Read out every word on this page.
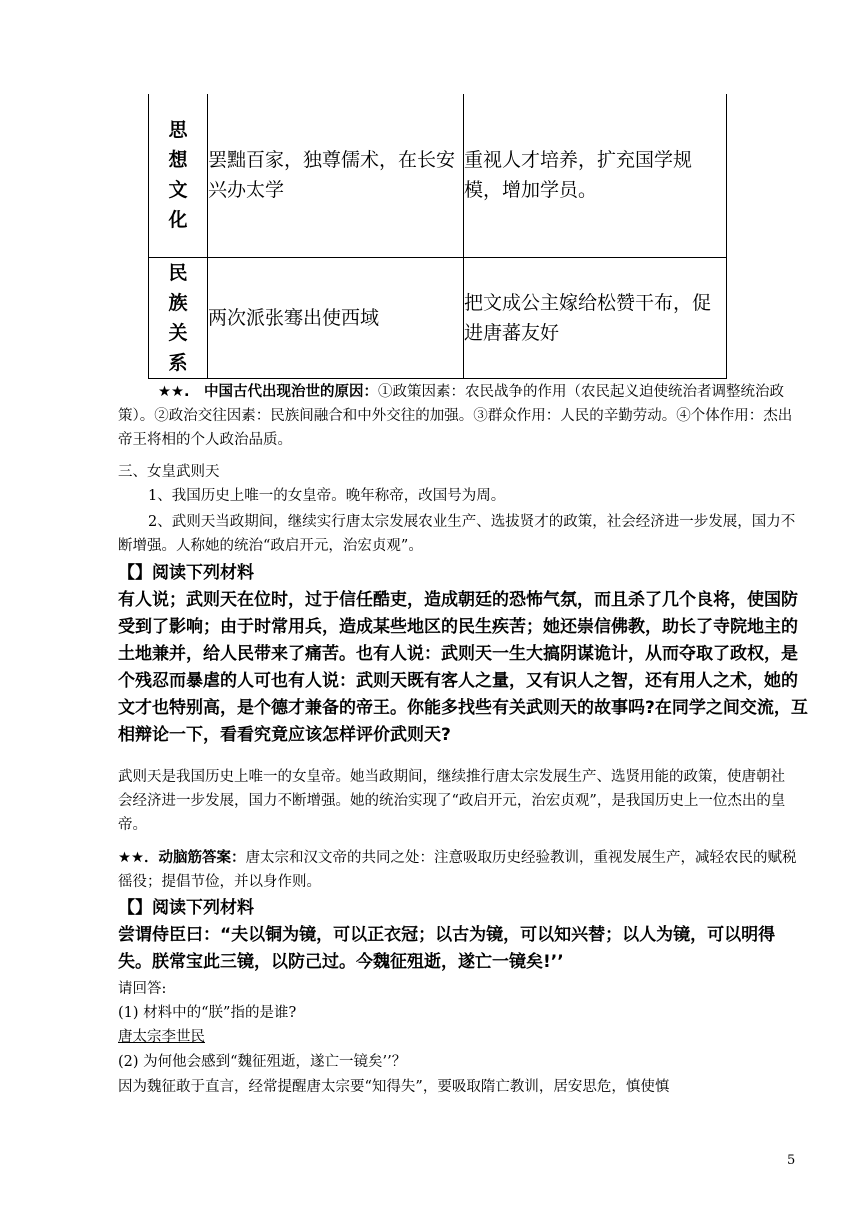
思
想
文
化	罢黜百家，独尊儒术，在长安兴办太学	重视人才培养，扩充国学规模，增加学员。

民
族
关
系	两次派张骞出使西域	把文成公主嫁给松赞干布，促进唐蕃友好
★★.　中国古代出现治世的原因：①政策因素：农民战争的作用（农民起义迫使统治者调整统治政策）。②政治交往因素：民族间融合和中外交往的加强。③群众作用：人民的辛勤劳动。④个体作用：杰出帝王将相的个人政治品质。
三、女皇武则天
1、我国历史上唯一的女皇帝。晚年称帝，改国号为周。
2、武则天当政期间，继续实行唐太宗发展农业生产、选拔贤才的政策，社会经济进一步发展，国力不断增强。人称她的统治“政启开元，治宏贞观”。
【】阅读下列材料
有人说；武则天在位时，过于信任酷吏，造成朝廷的恐怖气氛，而且杀了几个良将，使国防受到了影响；由于时常用兵，造成某些地区的民生疾苦；她还崇信佛教，助长了寺院地主的土地兼并，给人民带来了痛苦。也有人说：武则天一生大搞阴谋诡计，从而夺取了政权，是个残忍而暴虐的人可也有人说：武则天既有客人之量，又有识人之智，还有用人之术，她的文才也特别高，是个德才兼备的帝王。你能多找些有关武则天的故事吗?在同学之间交流，互相辩论一下，看看究竟应该怎样评价武则天?
武则天是我国历史上唯一的女皇帝。她当政期间，继续推行唐太宗发展生产、选贤用能的政策，使唐朝社会经济进一步发展，国力不断增强。她的统治实现了“政启开元，治宏贞观”，是我国历史上一位杰出的皇帝。
★★．动脑筋答案：唐太宗和汉文帝的共同之处：注意吸取历史经验教训，重视发展生产，减轻农民的赋税徭役；提倡节俭，并以身作则。
【】阅读下列材料
尝谓侍臣曰：“夫以铜为镜，可以正衣冠；以古为镜，可以知兴替；以人为镜，可以明得失。朕常宝此三镜，以防己过。今魏征殂逝，遂亡一镜矣!’’
请回答:
(1) 材料中的“朕”指的是谁?
唐太宗李世民
(2) 为何他会感到“魏征殂逝，遂亡一镜矣’’？
因为魏征敢于直言，经常提醒唐太宗要“知得失”，要吸取隋亡教训，居安思危，慎使慎
5
